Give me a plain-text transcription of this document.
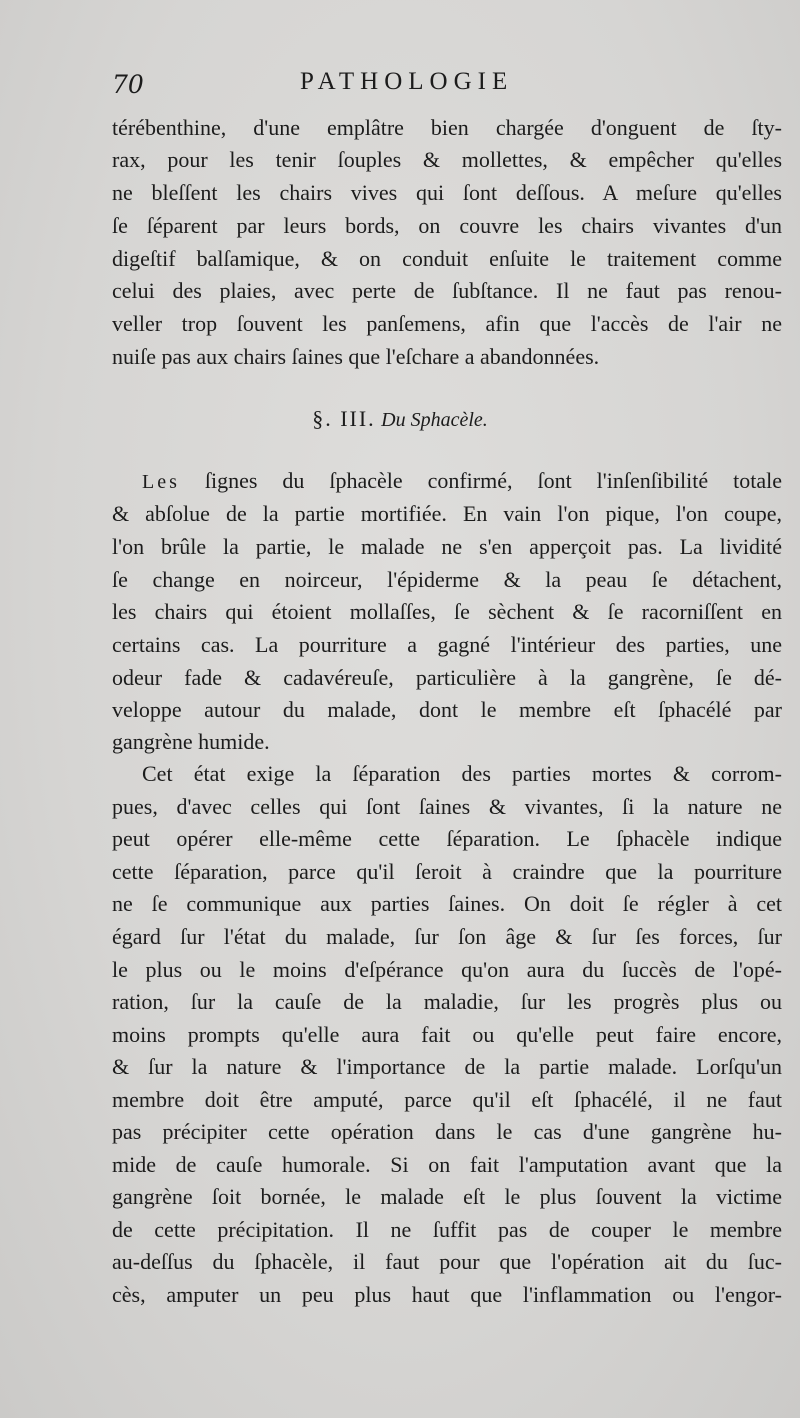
70	PATHOLOGIE
térébenthine, d'une emplâtre bien chargée d'onguent de ſty-
rax, pour les tenir ſouples & mollettes, & empêcher qu'elles
ne bleſſent les chairs vives qui ſont deſſous. A meſure qu'elles
ſe ſéparent par leurs bords, on couvre les chairs vivantes d'un
digeſtif balſamique, & on conduit enſuite le traitement comme
celui des plaies, avec perte de ſubſtance. Il ne faut pas renou-
veller trop ſouvent les panſemens, afin que l'accès de l'air ne
nuiſe pas aux chairs ſaines que l'eſchare a abandonnées.
§. III. Du Sphacèle.
Les ſignes du ſphacèle confirmé, ſont l'inſenſibilité totale
& abſolue de la partie mortifiée. En vain l'on pique, l'on coupe,
l'on brûle la partie, le malade ne s'en apperçoit pas. La lividité
ſe change en noirceur, l'épiderme & la peau ſe détachent,
les chairs qui étoient mollaſſes, ſe sèchent & ſe racorniſſent en
certains cas. La pourriture a gagné l'intérieur des parties, une
odeur fade & cadavéreuſe, particulière à la gangrène, ſe dé-
veloppe autour du malade, dont le membre eſt ſphacélé par
gangrène humide.
Cet état exige la ſéparation des parties mortes & corrom-
pues, d'avec celles qui ſont ſaines & vivantes, ſi la nature ne
peut opérer elle-même cette ſéparation. Le ſphacèle indique
cette ſéparation, parce qu'il ſeroit à craindre que la pourriture
ne ſe communique aux parties ſaines. On doit ſe régler à cet
égard ſur l'état du malade, ſur ſon âge & ſur ſes forces, ſur
le plus ou le moins d'eſpérance qu'on aura du ſuccès de l'opé-
ration, ſur la cauſe de la maladie, ſur les progrès plus ou
moins prompts qu'elle aura fait ou qu'elle peut faire encore,
& ſur la nature & l'importance de la partie malade. Lorſqu'un
membre doit être amputé, parce qu'il eſt ſphacélé, il ne faut
pas précipiter cette opération dans le cas d'une gangrène hu-
mide de cauſe humorale. Si on fait l'amputation avant que la
gangrène ſoit bornée, le malade eſt le plus ſouvent la victime
de cette précipitation. Il ne ſuffit pas de couper le membre
au-deſſus du ſphacèle, il faut pour que l'opération ait du ſuc-
cès, amputer un peu plus haut que l'inflammation ou l'engor-
